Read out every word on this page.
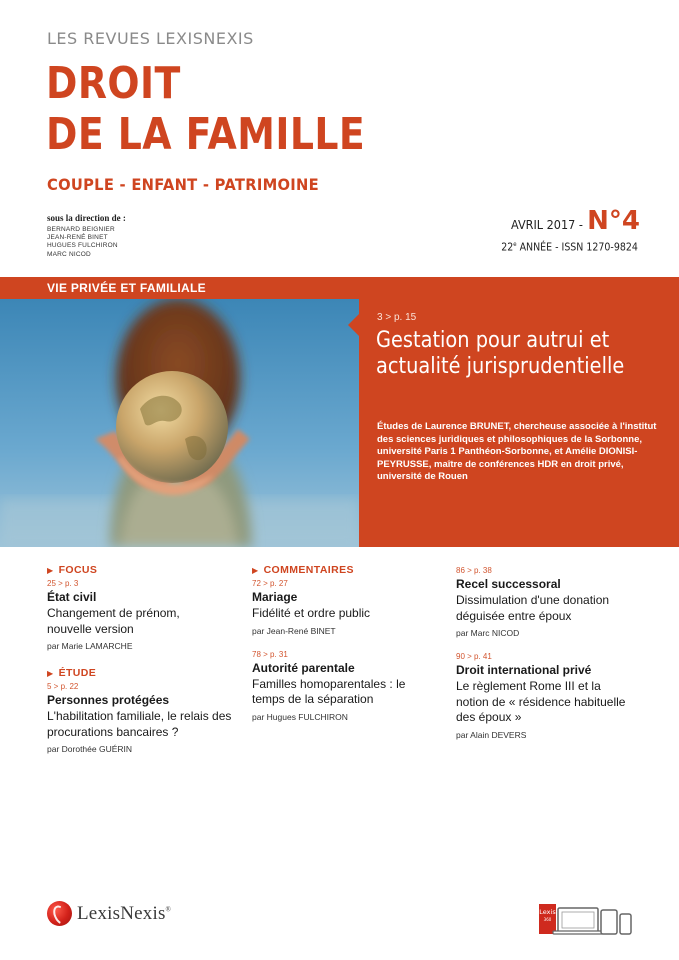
LES REVUES LEXISNEXIS
DROIT
DE LA FAMILLE
COUPLE - ENFANT - PATRIMOINE
sous la direction de :
BERNARD BEIGNIER
JEAN-RENÉ BINET
HUGUES FULCHIRON
MARC NICOD
AVRIL 2017 - N°4
22e ANNÉE - ISSN 1270-9824
VIE PRIVÉE ET FAMILIALE
3 > p. 15
Gestation pour autrui et actualité jurisprudentielle
Études de Laurence BRUNET, chercheuse associée à l'institut des sciences juridiques et philosophiques de la Sorbonne, université Paris 1 Panthéon-Sorbonne, et Amélie DIONISI-PEYRUSSE, maître de conférences HDR en droit privé, université de Rouen
▶ FOCUS
25 > p. 3
État civil
Changement de prénom, nouvelle version
par Marie LAMARCHE
▶ ÉTUDE
5 > p. 22
Personnes protégées
L'habilitation familiale, le relais des procurations bancaires ?
par Dorothée GUÉRIN
▶ COMMENTAIRES
72 > p. 27
Mariage
Fidélité et ordre public
par Jean-René BINET
78 > p. 31
Autorité parentale
Familles homoparentales : le temps de la séparation
par Hugues FULCHIRON
86 > p. 38
Recel successoral
Dissimulation d'une donation déguisée entre époux
par Marc NICOD
90 > p. 41
Droit international privé
Le règlement Rome III et la notion de « résidence habituelle des époux »
par Alain DEVERS
LexisNexis®	Lexis
360
